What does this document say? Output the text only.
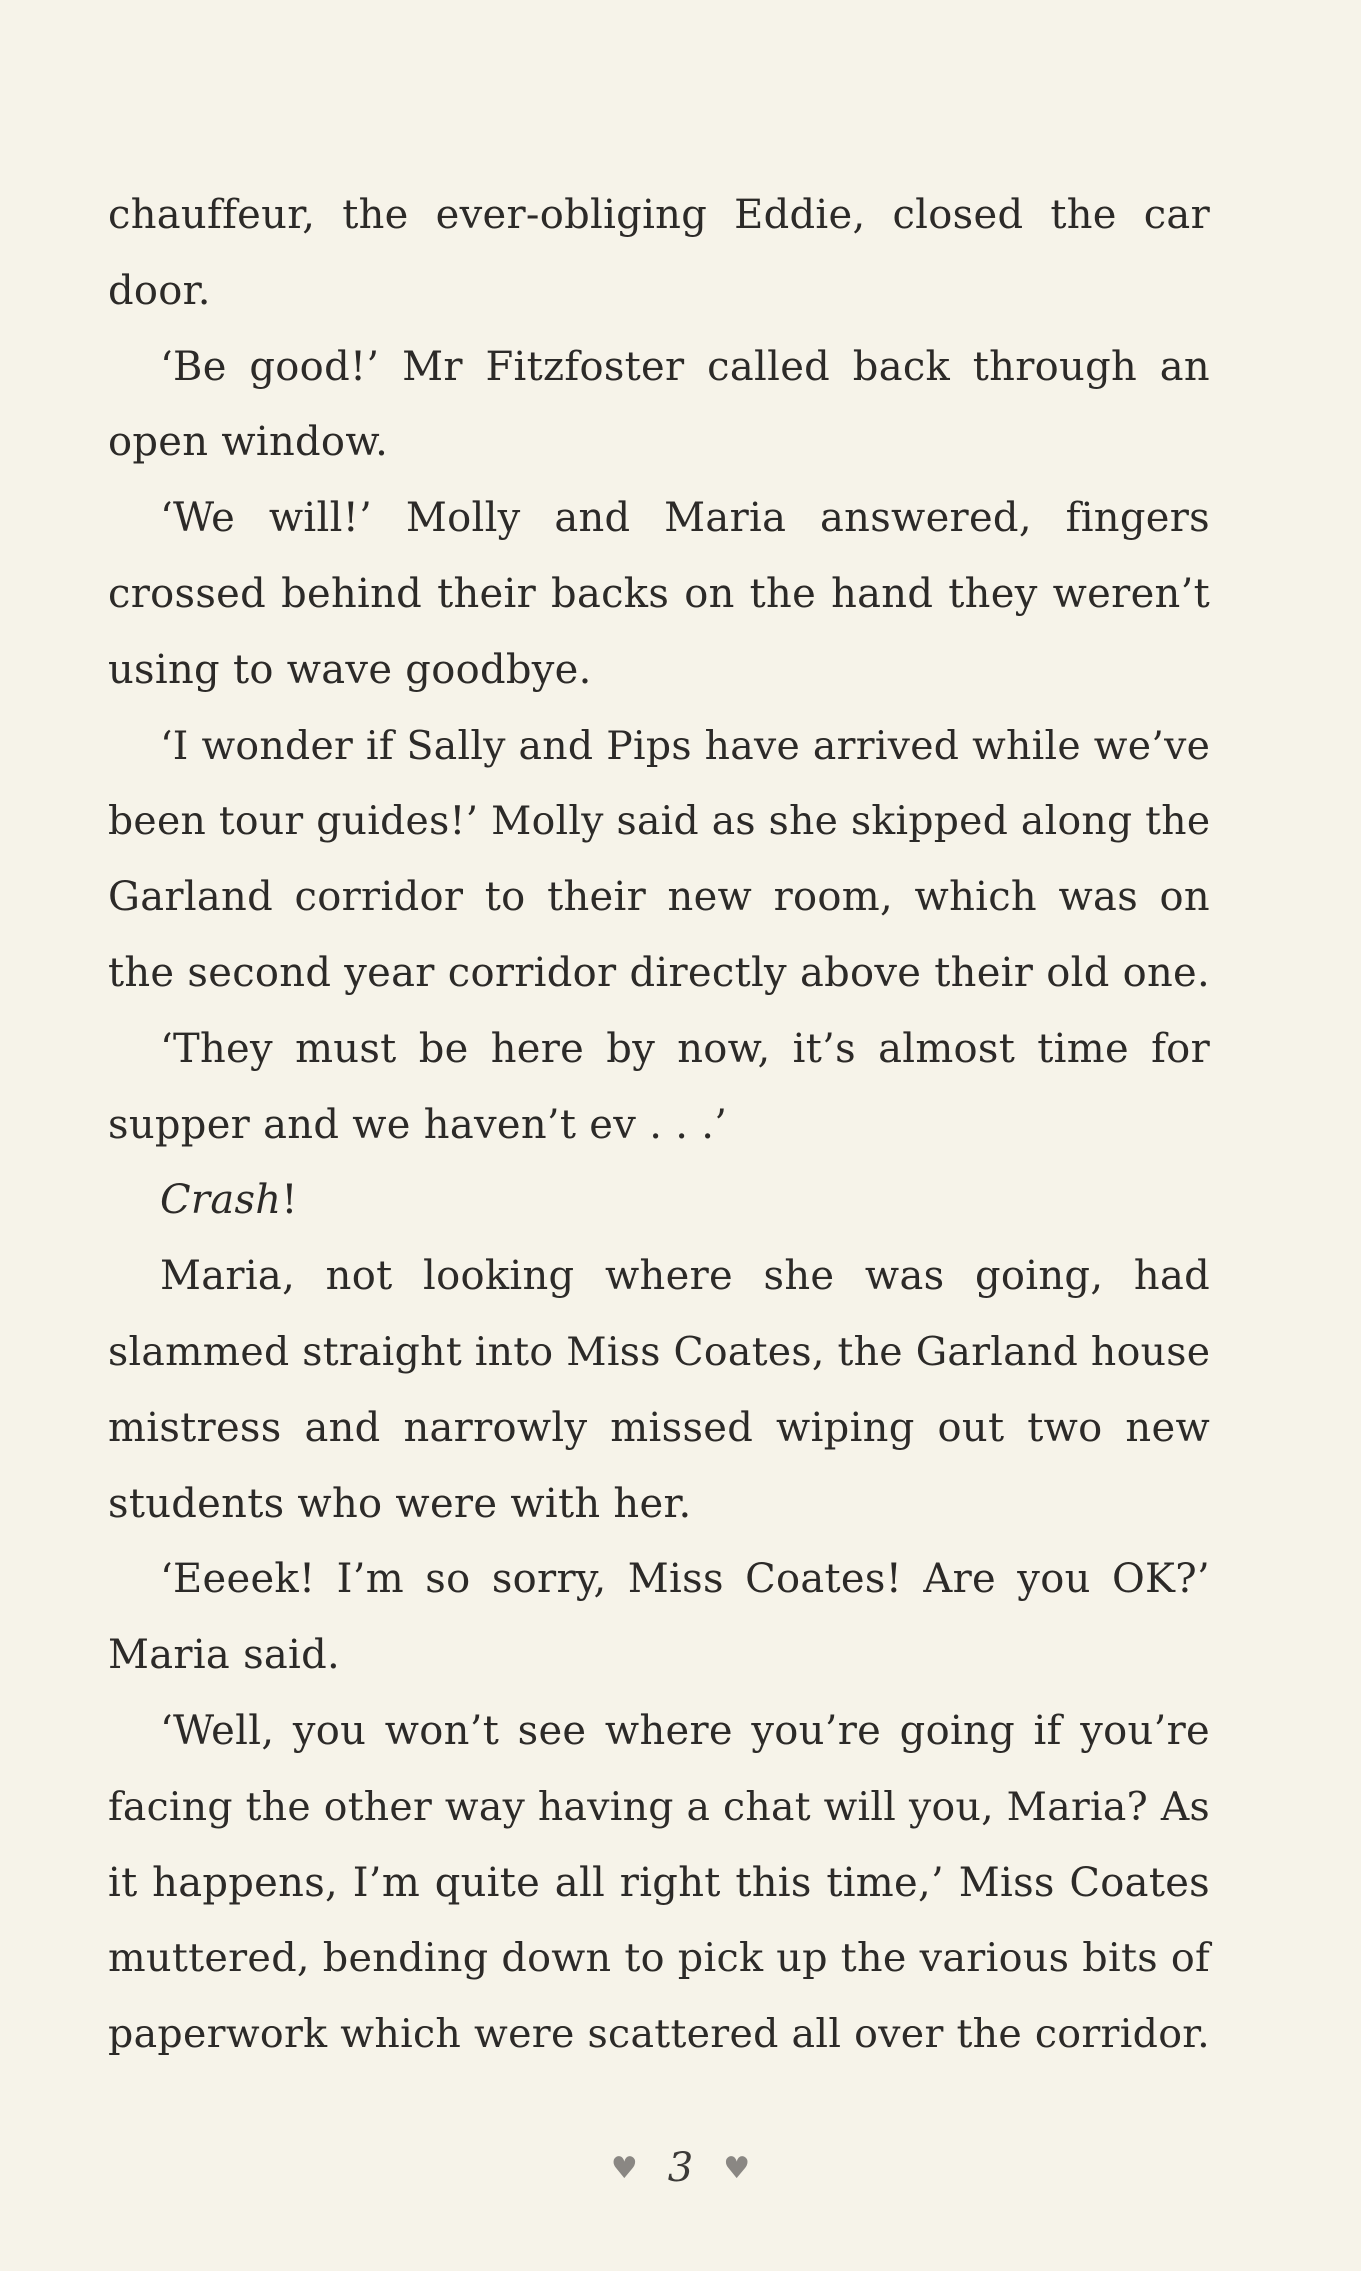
chauffeur, the ever-obliging Eddie, closed the car
door.
‘Be good!’ Mr Fitzfoster called back through an
open window.
‘We will!’ Molly and Maria answered, fingers
crossed behind their backs on the hand they weren’t
using to wave goodbye.
‘I wonder if Sally and Pips have arrived while we’ve
been tour guides!’ Molly said as she skipped along the
Garland corridor to their new room, which was on
the second year corridor directly above their old one.
‘They must be here by now, it’s almost time for
supper and we haven’t ev . . .’
Crash!
Maria, not looking where she was going, had
slammed straight into Miss Coates, the Garland house
mistress and narrowly missed wiping out two new
students who were with her.
‘Eeeek! I’m so sorry, Miss Coates! Are you OK?’
Maria said.
‘Well, you won’t see where you’re going if you’re
facing the other way having a chat will you, Maria? As
it happens, I’m quite all right this time,’ Miss Coates
muttered, bending down to pick up the various bits of
paperwork which were scattered all over the corridor.
♥ 3 ♥
